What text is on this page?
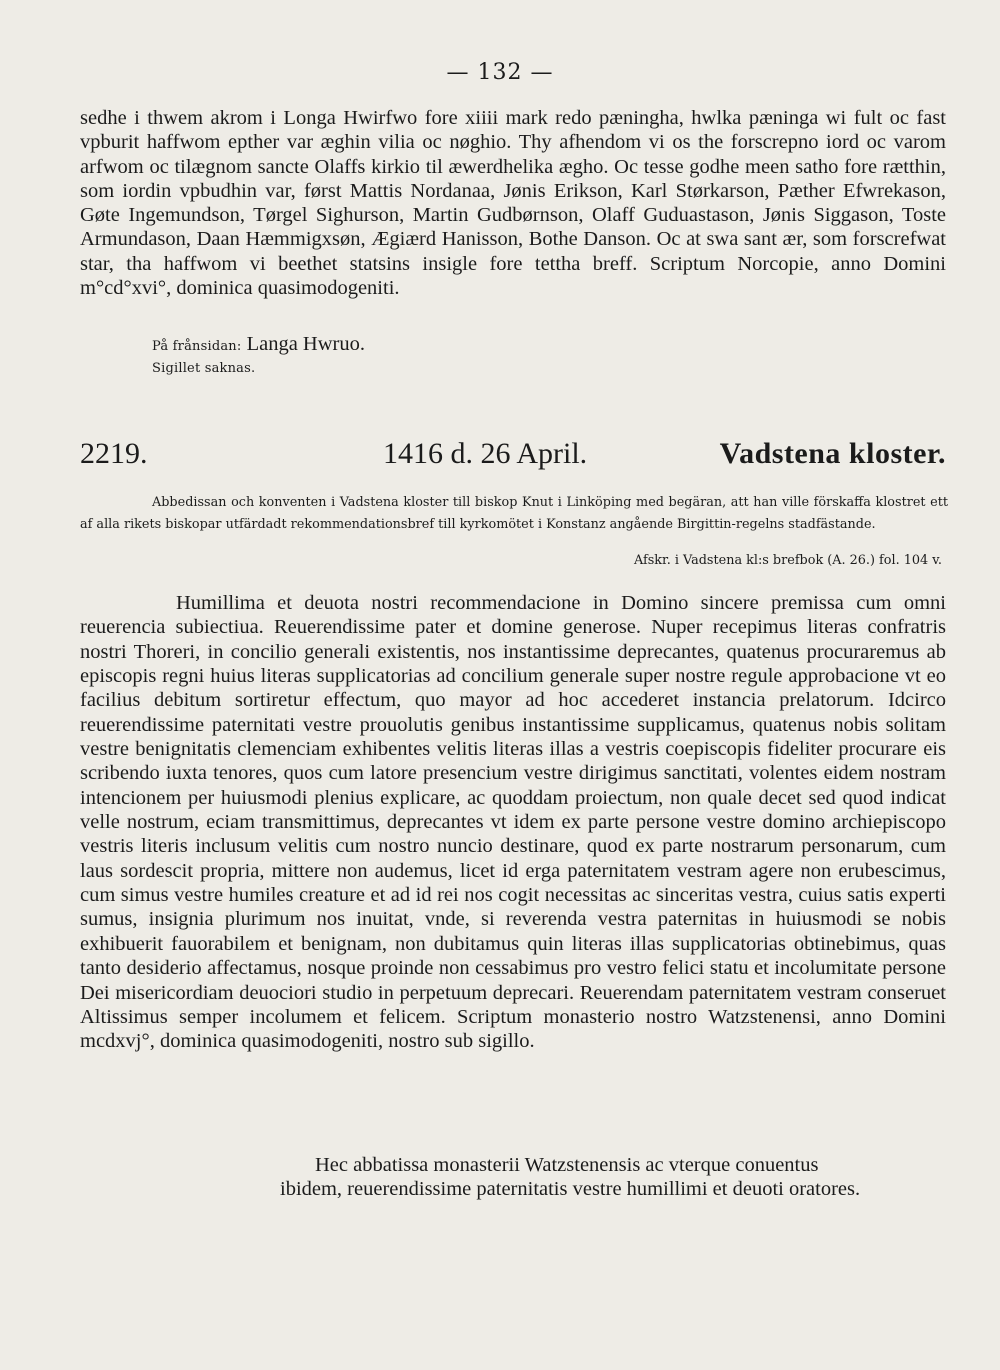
— 132 —
sedhe i thwem akrom i Longa Hwirfwo fore xiiii mark redo pæningha, hwlka pæninga wi fult oc fast vpburit haffwom epther var æghin vilia oc nøghio. Thy afhendom vi os the forscrepno iord oc varom arfwom oc tilægnom sancte Olaffs kirkio til æwerdhelika ægho. Oc tesse godhe meen satho fore rætthin, som iordin vpbudhin var, først Mattis Nordanaa, Jønis Erikson, Karl Størkarson, Pæther Efwrekason, Gøte Ingemundson, Tørgel Sighurson, Martin Gudbørnson, Olaff Guduastason, Jønis Siggason, Toste Armundason, Daan Hæmmigxsøn, Ægiærd Hanisson, Bothe Danson. Oc at swa sant ær, som forscrefwat star, tha haffwom vi beethet statsins insigle fore tettha breff. Scriptum Norcopie, anno Domini m°cd°xvi°, dominica quasimodogeniti.
På frånsidan: Langa Hwruo.
Sigillet saknas.
2219.	1416 d. 26 April.	Vadstena kloster.
Abbedissan och konventen i Vadstena kloster till biskop Knut i Linköping med begäran, att han ville förskaffa klostret ett af alla rikets biskopar utfärdadt rekommendationsbref till kyrkomötet i Konstanz angående Birgittin-regelns stadfästande.
Afskr. i Vadstena kl:s brefbok (A. 26.) fol. 104 v.
Humillima et deuota nostri recommendacione in Domino sincere premissa cum omni reuerencia subiectiua. Reuerendissime pater et domine generose. Nuper recepimus literas confratris nostri Thoreri, in concilio generali existentis, nos instantissime deprecantes, quatenus procuraremus ab episcopis regni huius literas supplicatorias ad concilium generale super nostre regule approbacione vt eo facilius debitum sortiretur effectum, quo mayor ad hoc accederet instancia prelatorum. Idcirco reuerendissime paternitati vestre prouolutis genibus instantissime supplicamus, quatenus nobis solitam vestre benignitatis clemenciam exhibentes velitis literas illas a vestris coepiscopis fideliter procurare eis scribendo iuxta tenores, quos cum latore presencium vestre dirigimus sanctitati, volentes eidem nostram intencionem per huiusmodi plenius explicare, ac quoddam proiectum, non quale decet sed quod indicat velle nostrum, eciam transmittimus, deprecantes vt idem ex parte persone vestre domino archiepiscopo vestris literis inclusum velitis cum nostro nuncio destinare, quod ex parte nostrarum personarum, cum laus sordescit propria, mittere non audemus, licet id erga paternitatem vestram agere non erubescimus, cum simus vestre humiles creature et ad id rei nos cogit necessitas ac sinceritas vestra, cuius satis experti sumus, insignia plurimum nos inuitat, vnde, si reverenda vestra paternitas in huiusmodi se nobis exhibuerit fauorabilem et benignam, non dubitamus quin literas illas supplicatorias obtinebimus, quas tanto desiderio affectamus, nosque proinde non cessabimus pro vestro felici statu et incolumitate persone Dei misericordiam deuociori studio in perpetuum deprecari. Reuerendam paternitatem vestram conseruet Altissimus semper incolumem et felicem. Scriptum monasterio nostro Watzstenensi, anno Domini mcdxvj°, dominica quasimodogeniti, nostro sub sigillo.
Hec abbatissa monasterii Watzstenensis ac vterque conuentus
ibidem, reuerendissime paternitatis vestre humillimi et deuoti oratores.
